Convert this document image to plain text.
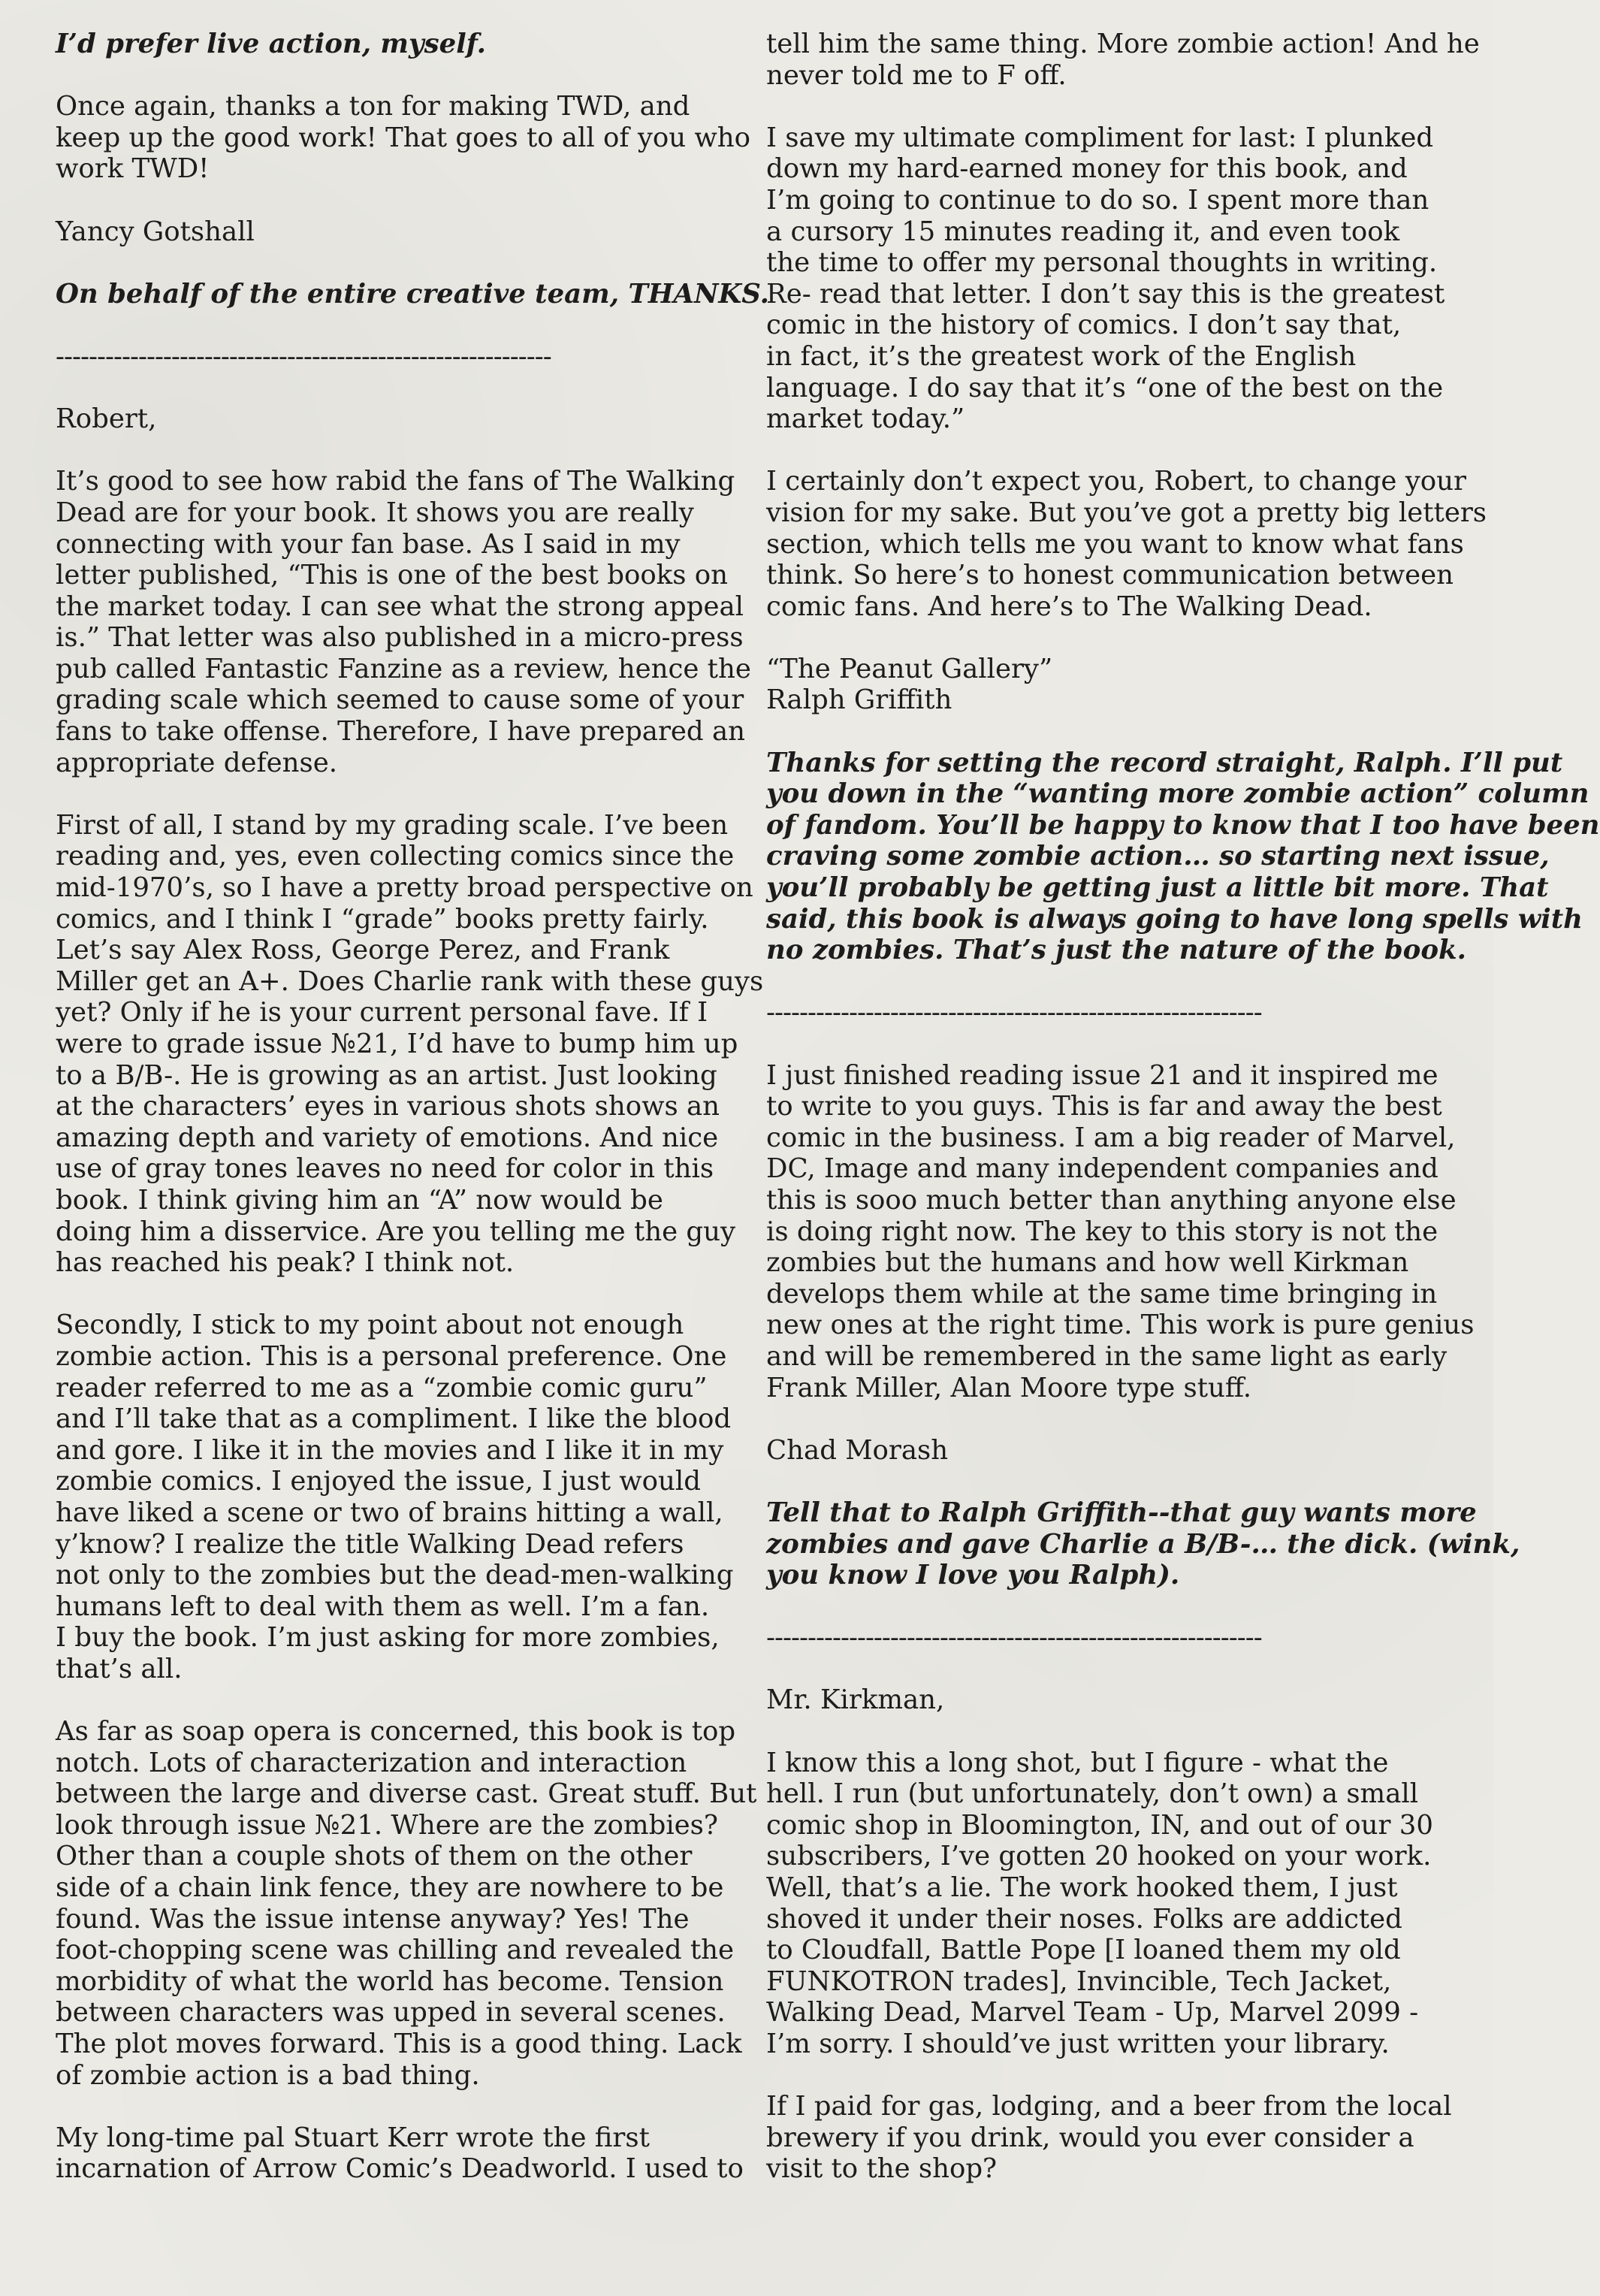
I’d prefer live action, myself.
Once again, thanks a ton for making TWD, and
keep up the good work! That goes to all of you who
work TWD!
Yancy Gotshall
On behalf of the entire creative team, THANKS.
------------------------------------------------------------
Robert,
It’s good to see how rabid the fans of The Walking
Dead are for your book. It shows you are really
connecting with your fan base. As I said in my
letter published, “This is one of the best books on
the market today. I can see what the strong appeal
is.” That letter was also published in a micro-press
pub called Fantastic Fanzine as a review, hence the
grading scale which seemed to cause some of your
fans to take offense. Therefore, I have prepared an
appropriate defense.
First of all, I stand by my grading scale. I’ve been
reading and, yes, even collecting comics since the
mid-1970’s, so I have a pretty broad perspective on
comics, and I think I “grade” books pretty fairly.
Let’s say Alex Ross, George Perez, and Frank
Miller get an A+. Does Charlie rank with these guys
yet? Only if he is your current personal fave. If I
were to grade issue №21, I’d have to bump him up
to a B/B-. He is growing as an artist. Just looking
at the characters’ eyes in various shots shows an
amazing depth and variety of emotions. And nice
use of gray tones leaves no need for color in this
book. I think giving him an “A” now would be
doing him a disservice. Are you telling me the guy
has reached his peak? I think not.
Secondly, I stick to my point about not enough
zombie action. This is a personal preference. One
reader referred to me as a “zombie comic guru”
and I’ll take that as a compliment. I like the blood
and gore. I like it in the movies and I like it in my
zombie comics. I enjoyed the issue, I just would
have liked a scene or two of brains hitting a wall,
y’know? I realize the title Walking Dead refers
not only to the zombies but the dead-men-walking
humans left to deal with them as well. I’m a fan.
I buy the book. I’m just asking for more zombies,
that’s all.
As far as soap opera is concerned, this book is top
notch. Lots of characterization and interaction
between the large and diverse cast. Great stuff. But
look through issue №21. Where are the zombies?
Other than a couple shots of them on the other
side of a chain link fence, they are nowhere to be
found. Was the issue intense anyway? Yes! The
foot-chopping scene was chilling and revealed the
morbidity of what the world has become. Tension
between characters was upped in several scenes.
The plot moves forward. This is a good thing. Lack
of zombie action is a bad thing.
My long-time pal Stuart Kerr wrote the first
incarnation of Arrow Comic’s Deadworld. I used to
tell him the same thing. More zombie action! And he
never told me to F off.
I save my ultimate compliment for last: I plunked
down my hard-earned money for this book, and
I’m going to continue to do so. I spent more than
a cursory 15 minutes reading it, and even took
the time to offer my personal thoughts in writing.
Re- read that letter. I don’t say this is the greatest
comic in the history of comics. I don’t say that,
in fact, it’s the greatest work of the English
language. I do say that it’s “one of the best on the
market today.”
I certainly don’t expect you, Robert, to change your
vision for my sake. But you’ve got a pretty big letters
section, which tells me you want to know what fans
think. So here’s to honest communication between
comic fans. And here’s to The Walking Dead.
“The Peanut Gallery”
Ralph Griffith
Thanks for setting the record straight, Ralph. I’ll put
you down in the “wanting more zombie action” column
of fandom. You’ll be happy to know that I too have been
craving some zombie action… so starting next issue,
you’ll probably be getting just a little bit more. That
said, this book is always going to have long spells with
no zombies. That’s just the nature of the book.
------------------------------------------------------------
I just finished reading issue 21 and it inspired me
to write to you guys. This is far and away the best
comic in the business. I am a big reader of Marvel,
DC, Image and many independent companies and
this is sooo much better than anything anyone else
is doing right now. The key to this story is not the
zombies but the humans and how well Kirkman
develops them while at the same time bringing in
new ones at the right time. This work is pure genius
and will be remembered in the same light as early
Frank Miller, Alan Moore type stuff.
Chad Morash
Tell that to Ralph Griffith--that guy wants more
zombies and gave Charlie a B/B-… the dick. (wink,
you know I love you Ralph).
------------------------------------------------------------
Mr. Kirkman,
I know this a long shot, but I figure - what the
hell. I run (but unfortunately, don’t own) a small
comic shop in Bloomington, IN, and out of our 30
subscribers, I’ve gotten 20 hooked on your work.
Well, that’s a lie. The work hooked them, I just
shoved it under their noses. Folks are addicted
to Cloudfall, Battle Pope [I loaned them my old
FUNKOTRON trades], Invincible, Tech Jacket,
Walking Dead, Marvel Team - Up, Marvel 2099 -
I’m sorry. I should’ve just written your library.
If I paid for gas, lodging, and a beer from the local
brewery if you drink, would you ever consider a
visit to the shop?
